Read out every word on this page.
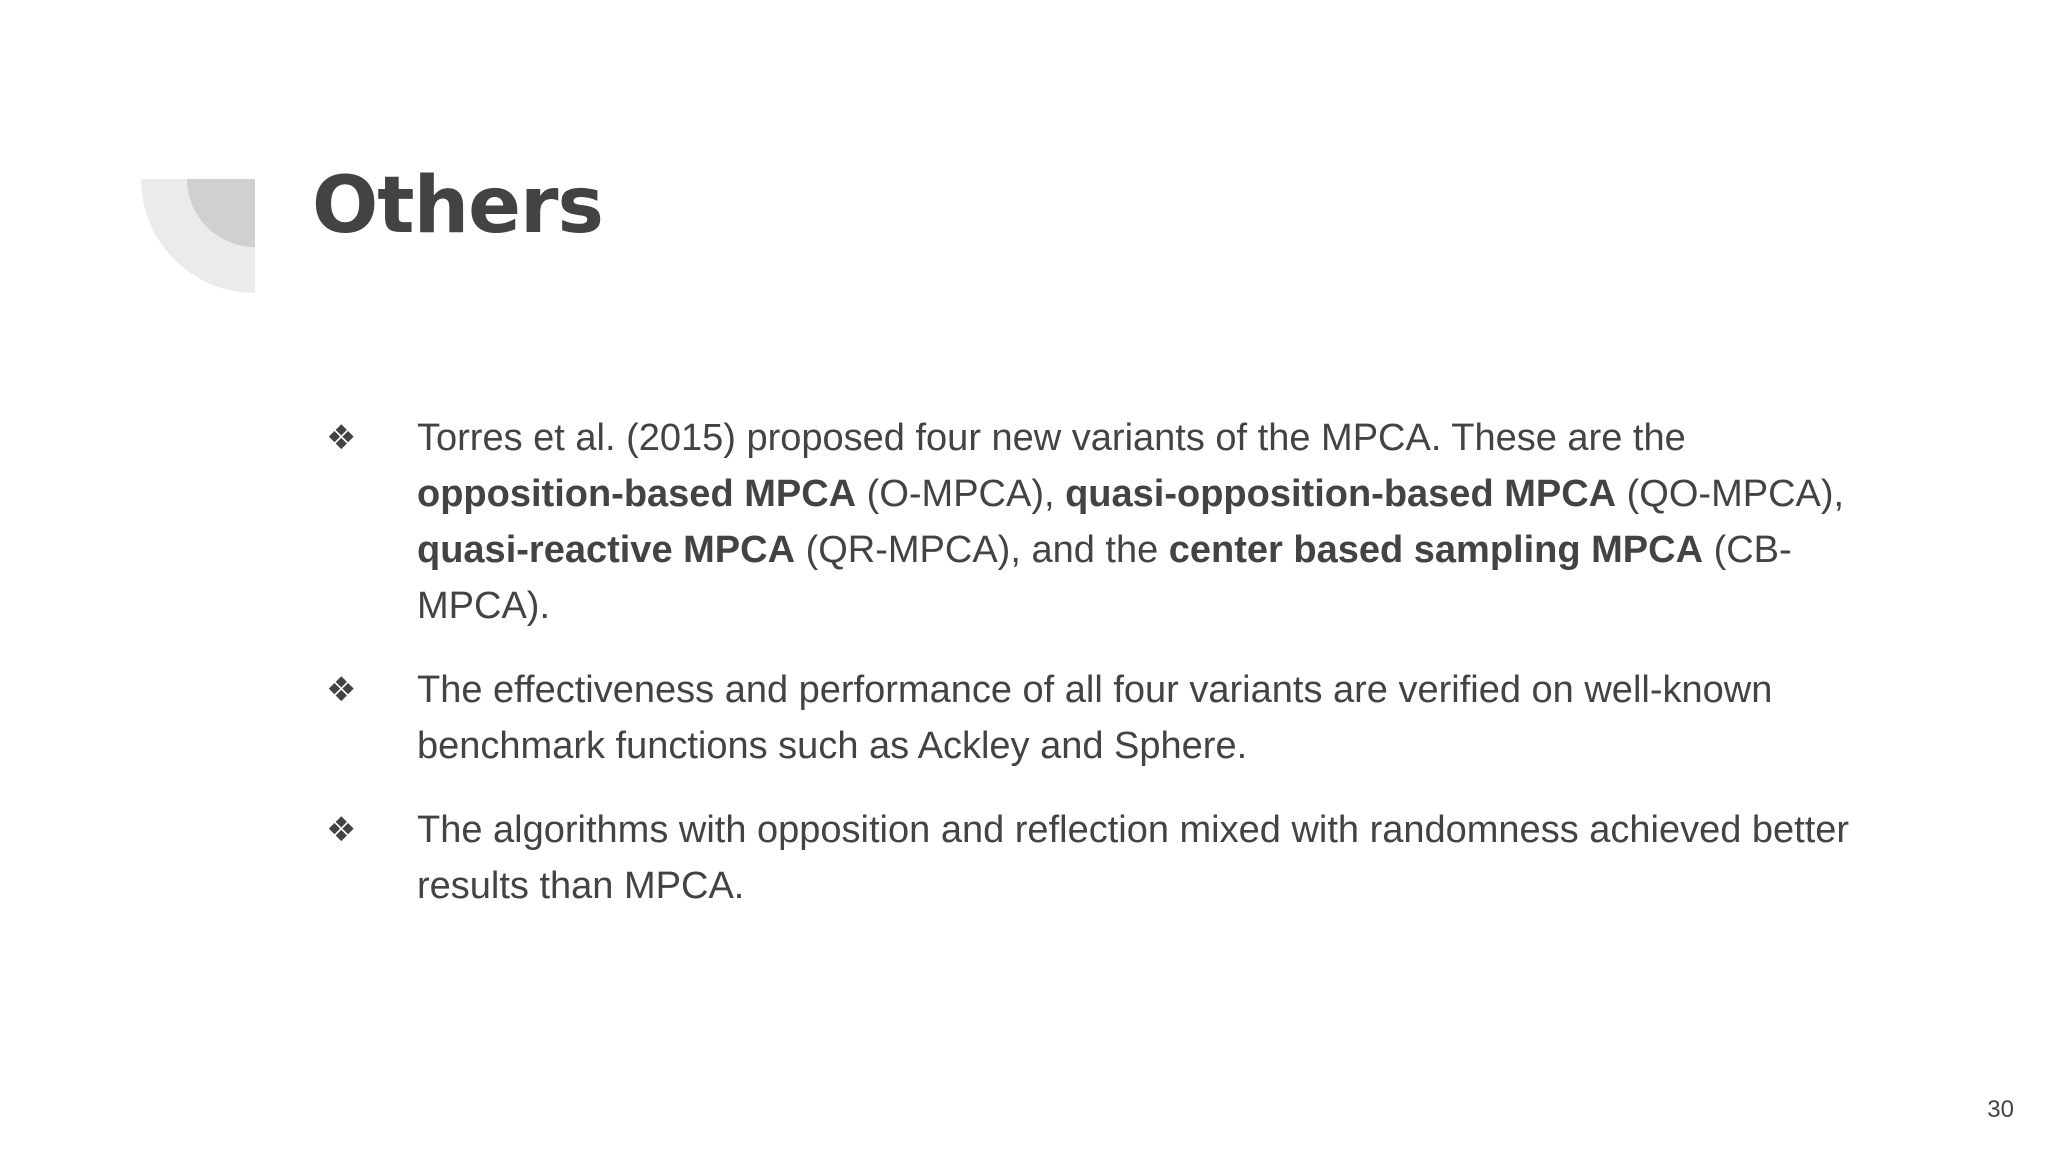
Others
❖ Torres et al. (2015) proposed four new variants of the MPCA. These are the opposition-based MPCA (O-MPCA), quasi-opposition-based MPCA (QO-MPCA), quasi-reactive MPCA (QR-MPCA), and the center based sampling MPCA (CB-MPCA).
❖ The effectiveness and performance of all four variants are verified on well-known benchmark functions such as Ackley and Sphere.
❖ The algorithms with opposition and reflection mixed with randomness achieved better results than MPCA.
30
